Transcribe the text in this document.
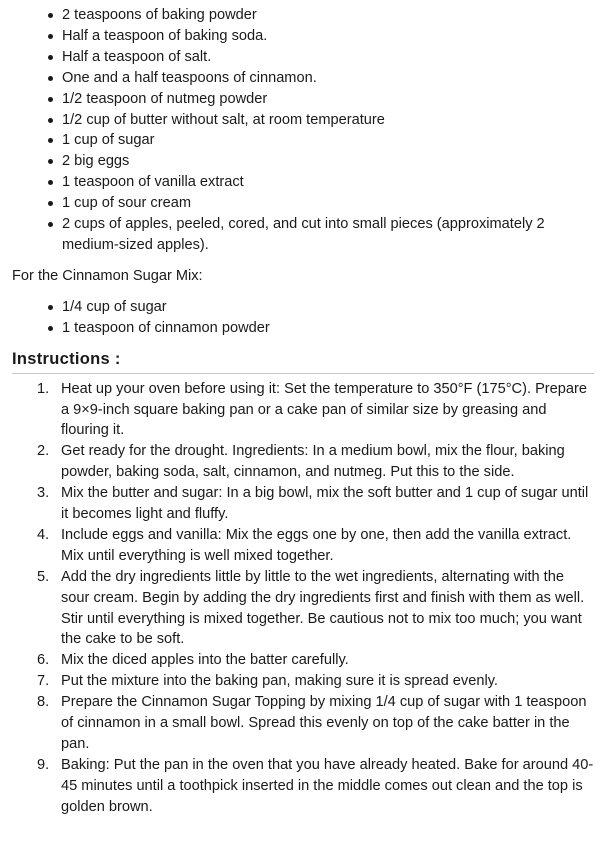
2 teaspoons of baking powder
Half a teaspoon of baking soda.
Half a teaspoon of salt.
One and a half teaspoons of cinnamon.
1/2 teaspoon of nutmeg powder
1/2 cup of butter without salt, at room temperature
1 cup of sugar
2 big eggs
1 teaspoon of vanilla extract
1 cup of sour cream
2 cups of apples, peeled, cored, and cut into small pieces (approximately 2 medium-sized apples).

For the Cinnamon Sugar Mix:

1/4 cup of sugar
1 teaspoon of cinnamon powder
Instructions :
1. Heat up your oven before using it: Set the temperature to 350°F (175°C). Prepare a 9×9-inch square baking pan or a cake pan of similar size by greasing and flouring it.
2. Get ready for the drought. Ingredients: In a medium bowl, mix the flour, baking powder, baking soda, salt, cinnamon, and nutmeg. Put this to the side.
3. Mix the butter and sugar: In a big bowl, mix the soft butter and 1 cup of sugar until it becomes light and fluffy.
4. Include eggs and vanilla: Mix the eggs one by one, then add the vanilla extract. Mix until everything is well mixed together.
5. Add the dry ingredients little by little to the wet ingredients, alternating with the sour cream. Begin by adding the dry ingredients first and finish with them as well. Stir until everything is mixed together. Be cautious not to mix too much; you want the cake to be soft.
6. Mix the diced apples into the batter carefully.
7. Put the mixture into the baking pan, making sure it is spread evenly.
8. Prepare the Cinnamon Sugar Topping by mixing 1/4 cup of sugar with 1 teaspoon of cinnamon in a small bowl. Spread this evenly on top of the cake batter in the pan.
9. Baking: Put the pan in the oven that you have already heated. Bake for around 40-45 minutes until a toothpick inserted in the middle comes out clean and the top is golden brown.
